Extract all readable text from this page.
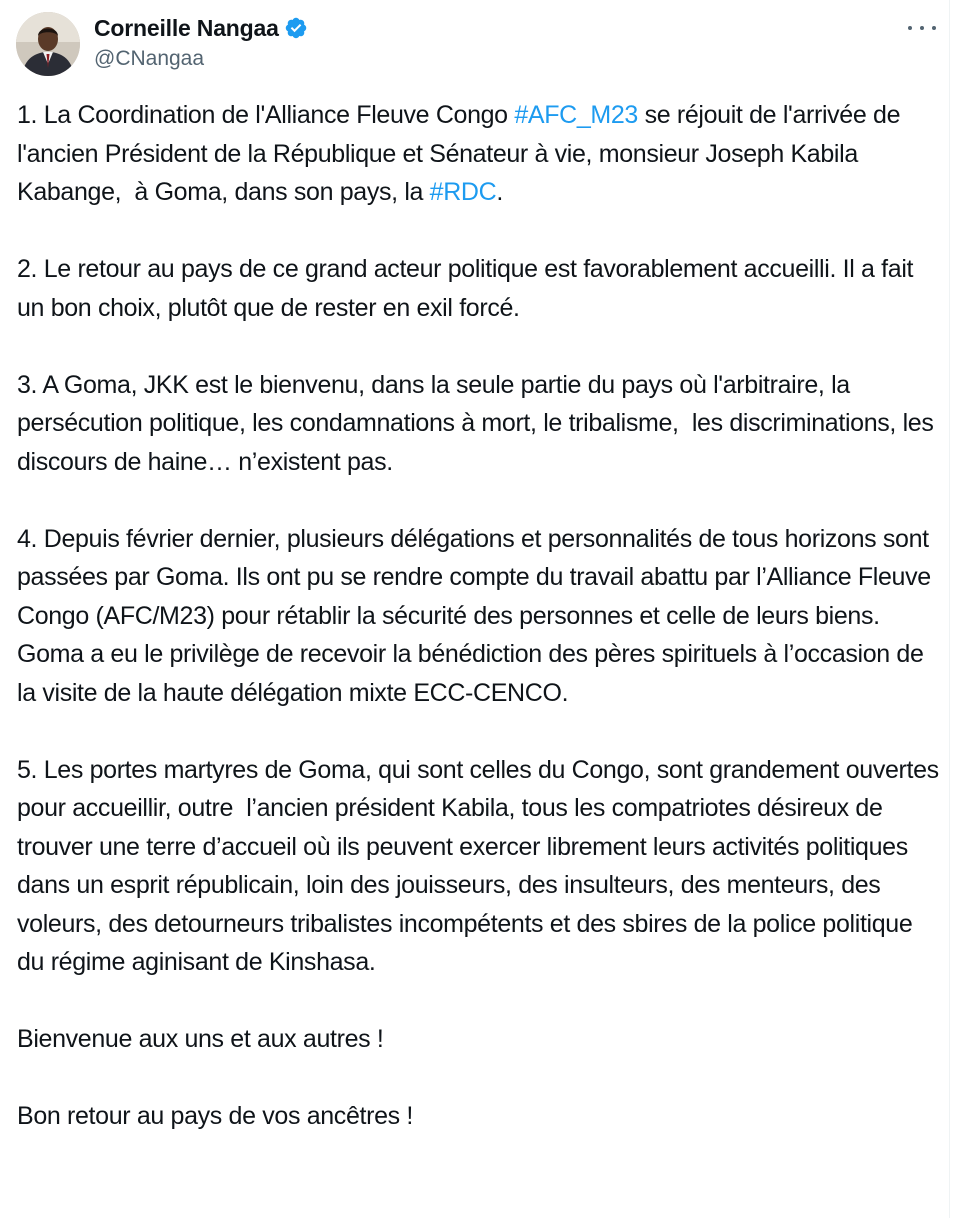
Corneille Nangaa
@CNangaa

1. La Coordination de l'Alliance Fleuve Congo #AFC_M23 se réjouit de l'arrivée de l'ancien Président de la République et Sénateur à vie, monsieur Joseph Kabila Kabange,  à Goma, dans son pays, la #RDC.

2. Le retour au pays de ce grand acteur politique est favorablement accueilli. Il a fait un bon choix, plutôt que de rester en exil forcé.

3. A Goma, JKK est le bienvenu, dans la seule partie du pays où l'arbitraire, la persécution politique, les condamnations à mort, le tribalisme,  les discriminations, les discours de haine… n’existent pas.

4. Depuis février dernier, plusieurs délégations et personnalités de tous horizons sont passées par Goma. Ils ont pu se rendre compte du travail abattu par l’Alliance Fleuve Congo (AFC/M23) pour rétablir la sécurité des personnes et celle de leurs biens. Goma a eu le privilège de recevoir la bénédiction des pères spirituels à l’occasion de la visite de la haute délégation mixte ECC-CENCO.

5. Les portes martyres de Goma, qui sont celles du Congo, sont grandement ouvertes pour accueillir, outre  l’ancien président Kabila, tous les compatriotes désireux de trouver une terre d’accueil où ils peuvent exercer librement leurs activités politiques dans un esprit républicain, loin des jouisseurs, des insulteurs, des menteurs, des voleurs, des detourneurs tribalistes incompétents et des sbires de la police politique du régime aginisant de Kinshasa.

Bienvenue aux uns et aux autres !

Bon retour au pays de vos ancêtres !
